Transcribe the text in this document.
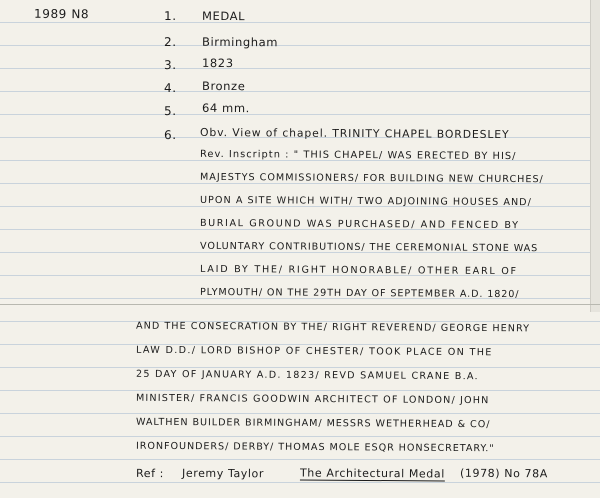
1989 N8	1. MEDAL
2. Birmingham
3. 1823
4. Bronze
5. 64 mm.
6. Obv. View of chapel. TRINITY CHAPEL BORDESLEY
Rev. Inscriptn : " THIS CHAPEL/ WAS ERECTED BY HIS/
MAJESTYS COMMISSIONERS/ FOR BUILDING NEW CHURCHES/
UPON A SITE WHICH WITH/ TWO ADJOINING HOUSES AND/
BURIAL GROUND WAS PURCHASED/ AND FENCED BY
VOLUNTARY CONTRIBUTIONS/ THE CEREMONIAL STONE WAS
LAID BY THE/ RIGHT HONORABLE/ OTHER EARL OF
PLYMOUTH/ ON THE 29TH DAY OF SEPTEMBER A.D. 1820/
AND THE CONSECRATION BY THE/ RIGHT REVEREND/ GEORGE HENRY
LAW D.D./ LORD BISHOP OF CHESTER/ TOOK PLACE ON THE
25 DAY OF JANUARY A.D. 1823/ REVD SAMUEL CRANE B.A.
MINISTER/ FRANCIS GOODWIN ARCHITECT OF LONDON/ JOHN
WALTHEN BUILDER BIRMINGHAM/ MESSRS WETHERHEAD & CO/
IRONFOUNDERS/ DERBY/ THOMAS MOLE ESQR HONSECRETARY."
Ref : Jeremy Taylor	The Architectural Medal (1978) No 78A
